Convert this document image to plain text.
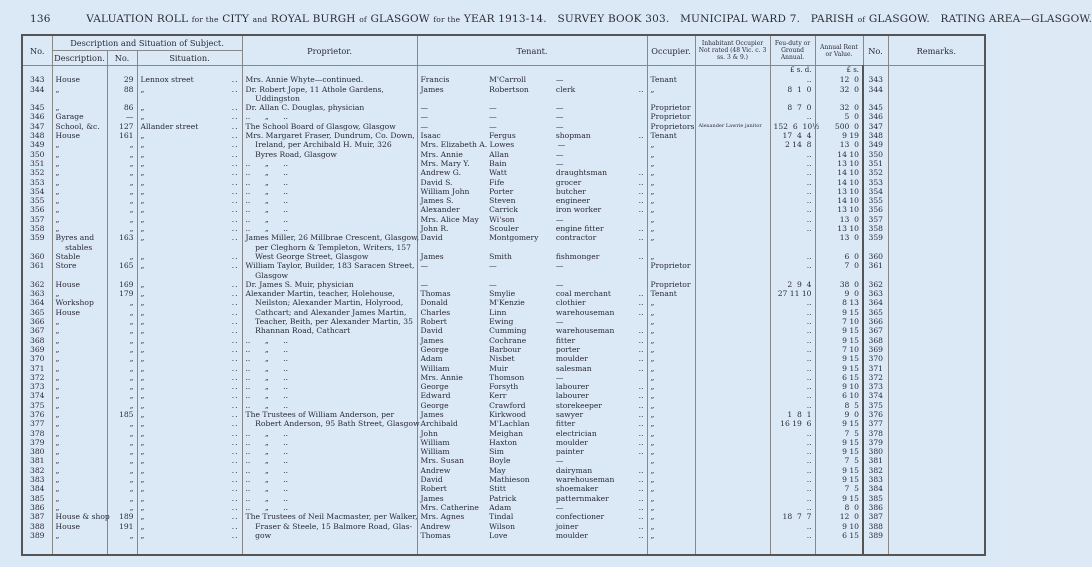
136	VALUATION ROLL for the CITY and ROYAL BURGH of GLASGOW for the YEAR 1913-14. SURVEY BOOK 303. MUNICIPAL WARD 7. PARISH of GLASGOW. RATING AREA—GLASGOW.
No.	Description and Situation of Subject.			Proprietor.	Tenant.	Occupier.	Inhabitant Occupier Not rated (48 Vic. c. 3 ss. 3 & 9.)	Feu-duty or Ground Annual.	Annual Rent or Value.	No.	Remarks.
	Description.	No.	Situation.								
								£ s. d.	£ s.		
343	House	29	Lennox street ..	Mrs. Annie Whyte—continued.	Francis M'Carroll —	Tenant		..	12  0	343	
344	„	88	„ ..	Dr. Robert Jope, 11 Athole Gardens,	James Robertson clerk ..	„		8  1  0	32  0	344	
				Uddingston	

345	„	86	„ ..	Dr. Allan C. Douglas, physician	— — —	Proprietor		8  7  0	32  0	345	
346	Garage	—	„ ..	..      „      ..	— — —	Proprietor		..	5  0	346	
347	School, &c.	127	Allander street ..	The School Board of Glasgow, Glasgow	— — —	Proprietors	Alexander Lawrie janitor	152  6  10½	500  0	347	
348	House	161	„ ..	Mrs. Margaret Fraser, Dundrum, Co. Down,	Isaac Fergus shopman ..	Tenant		17  4  4	9 19	348	
349	„	„	„ ..	Ireland, per Archibald H. Muir, 326	Mrs. Elizabeth A. Lowes —	„		2 14  8	13  0	349	
350	„	„	„ ..	Byres Road, Glasgow	Mrs. Annie Allan —	„		..	14 10	350	
351	„	„	„ ..	..      „      ..	Mrs. Mary Y. Bain —	„		..	13 10	351	
352	„	„	„ ..	..      „      ..	Andrew G. Watt draughtsman ..	„		..	14 10	352	
353	„	„	„ ..	..      „      ..	David S. Fife grocer ..	„		..	14 10	353	
354	„	„	„ ..	..      „      ..	William John Porter butcher ..	„		..	13 10	354	
355	„	„	„ ..	..      „      ..	James S. Steven engineer ..	„		..	14 10	355	
356	„	„	„ ..	..      „      ..	Alexander Carrick iron worker ..	„		..	13 10	356	
357	„	„	„ ..	..      „      ..	Mrs. Alice May Wi'son —	„		..	13  0	357	
358	„	„	„ ..	..      „      ..	John R. Scouler engine fitter ..	„		..	13 10	358	
359	Byres and	163	„ ..	James Miller, 26 Millbrae Crescent, Glasgow,	David Montgomery contractor ..	„			13  0	359	
	stables			per Cleghorn & Templeton, Writers, 157	

360	Stable	„	„ ..	West George Street, Glasgow	James Smith fishmonger ..	„		..	6  0	360	
361	Store	165	„ ..	William Taylor, Builder, 183 Saracen Street,	— — —	Proprietor		..	7  0	361	
				Glasgow	

362	House	169	„ ..	Dr. James S. Muir, physician	— — —	Proprietor		2  9  4	38  0	362	
363	„	179	„ ..	Alexander Martin, teacher, Holehouse,	Thomas Smylie coal merchant ..	Tenant		27 11 10	9  0	363	
364	Workshop	„	„ ..	Neilston; Alexander Martin, Holyrood,	Donald M'Kenzie clothier ..	„		..	8 13	364	
365	House	„	„ ..	Cathcart; and Alexander James Martin,	Charles Linn warehouseman ..	„		..	9 15	365	
366	„	„	„ ..	Teacher, Beith, per Alexander Martin, 35	Robert Ewing —	„		..	7 10	366	
367	„	„	„ ..	Rhannan Road, Cathcart	David Cumming warehouseman ..	„		..	9 15	367	
368	„	„	„ ..	..      „      ..	James Cochrane fitter ..	„		..	9 15	368	
369	„	„	„ ..	..      „      ..	George Barbour porter ..	„		..	7 10	369	
370	„	„	„ ..	..      „      ..	Adam Nisbet moulder ..	„		..	9 15	370	
371	„	„	„ ..	..      „      ..	William Muir salesman ..	„		..	9 15	371	
372	„	„	„ ..	..      „      ..	Mrs. Annie Thomson —	„		..	6 15	372	
373	„	„	„ ..	..      „      ..	George Forsyth labourer ..	„		..	9 10	373	
374	„	„	„ ..	..      „      ..	Edward Kerr labourer ..	„		..	6 10	374	
375	„	„	„ ..	..      „      ..	George Crawford storekeeper ..	„		..	8  5	375	
376	„	185	„ ..	The Trustees of William Anderson, per	James Kirkwood sawyer ..	„		1  8  1	9  0	376	
377	„	„	„ ..	Robert Anderson, 95 Bath Street, Glasgow	Archibald M'Lachlan fitter ..	„		16 19  6	9 15	377	
378	„	„	„ ..	..      „      ..	John Meighan electrician ..	„		..	7  5	378	
379	„	„	„ ..	..      „      ..	William Haxton moulder ..	„		..	9 15	379	
380	„	„	„ ..	..      „      ..	William Sim painter ..	„		..	9 15	380	
381	„	„	„ ..	..      „      ..	Mrs. Susan Boyle —	„		..	7  5	381	
382	„	„	„ ..	..      „      ..	Andrew May dairyman ..	„		..	9 15	382	
383	„	„	„ ..	..      „      ..	David Mathieson warehouseman ..	„		..	9 15	383	
384	„	„	„ ..	..      „      ..	Robert Stitt shoemaker ..	„		..	7  5	384	
385	„	„	„ ..	..      „      ..	James Patrick patternmaker ..	„		..	9 15	385	
386	„	„	„ ..	..      „      ..	Mrs. Catherine Adam — ..	„		..	8  0	386	
387	House & shop	189	„ ..	The Trustees of Neil Macmaster, per Walker,	Mrs. Agnes Tindal confectioner ..	„		18  7  7	12  0	387	
388	House	191	„ ..	Fraser & Steele, 15 Balmore Road, Glas-	Andrew Wilson joiner ..	„		..	9 10	388	
389	„	„	„ ..	gow	Thomas Love moulder ..	„		..	6 15	389	
